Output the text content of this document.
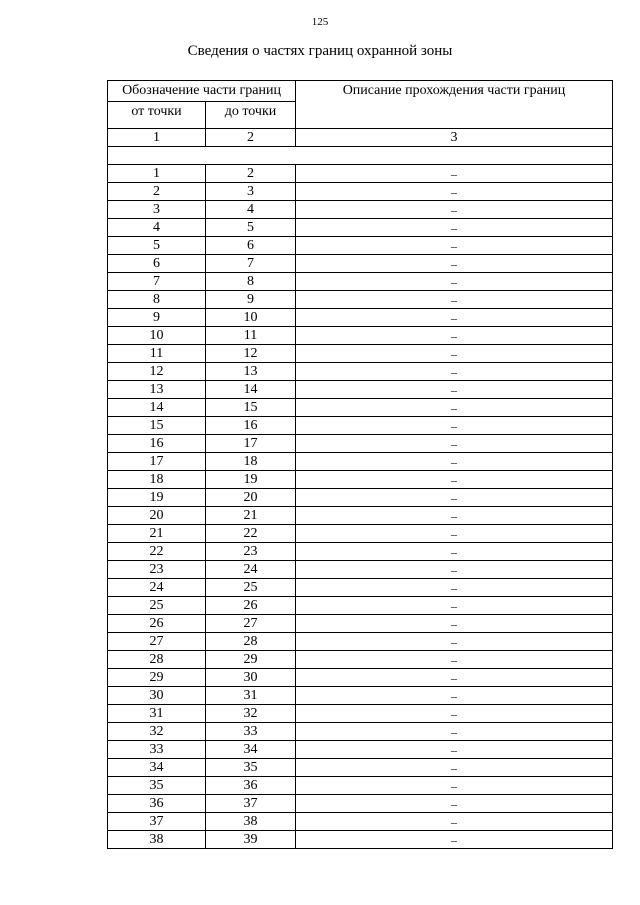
125
Сведения о частях границ охранной зоны
Обозначение части границ		Описание прохождения части границ
от точки	до точки	
1	2	3

1	2	–
2	3	–
3	4	–
4	5	–
5	6	–
6	7	–
7	8	–
8	9	–
9	10	–
10	11	–
11	12	–
12	13	–
13	14	–
14	15	–
15	16	–
16	17	–
17	18	–
18	19	–
19	20	–
20	21	–
21	22	–
22	23	–
23	24	–
24	25	–
25	26	–
26	27	–
27	28	–
28	29	–
29	30	–
30	31	–
31	32	–
32	33	–
33	34	–
34	35	–
35	36	–
36	37	–
37	38	–
38	39	–
